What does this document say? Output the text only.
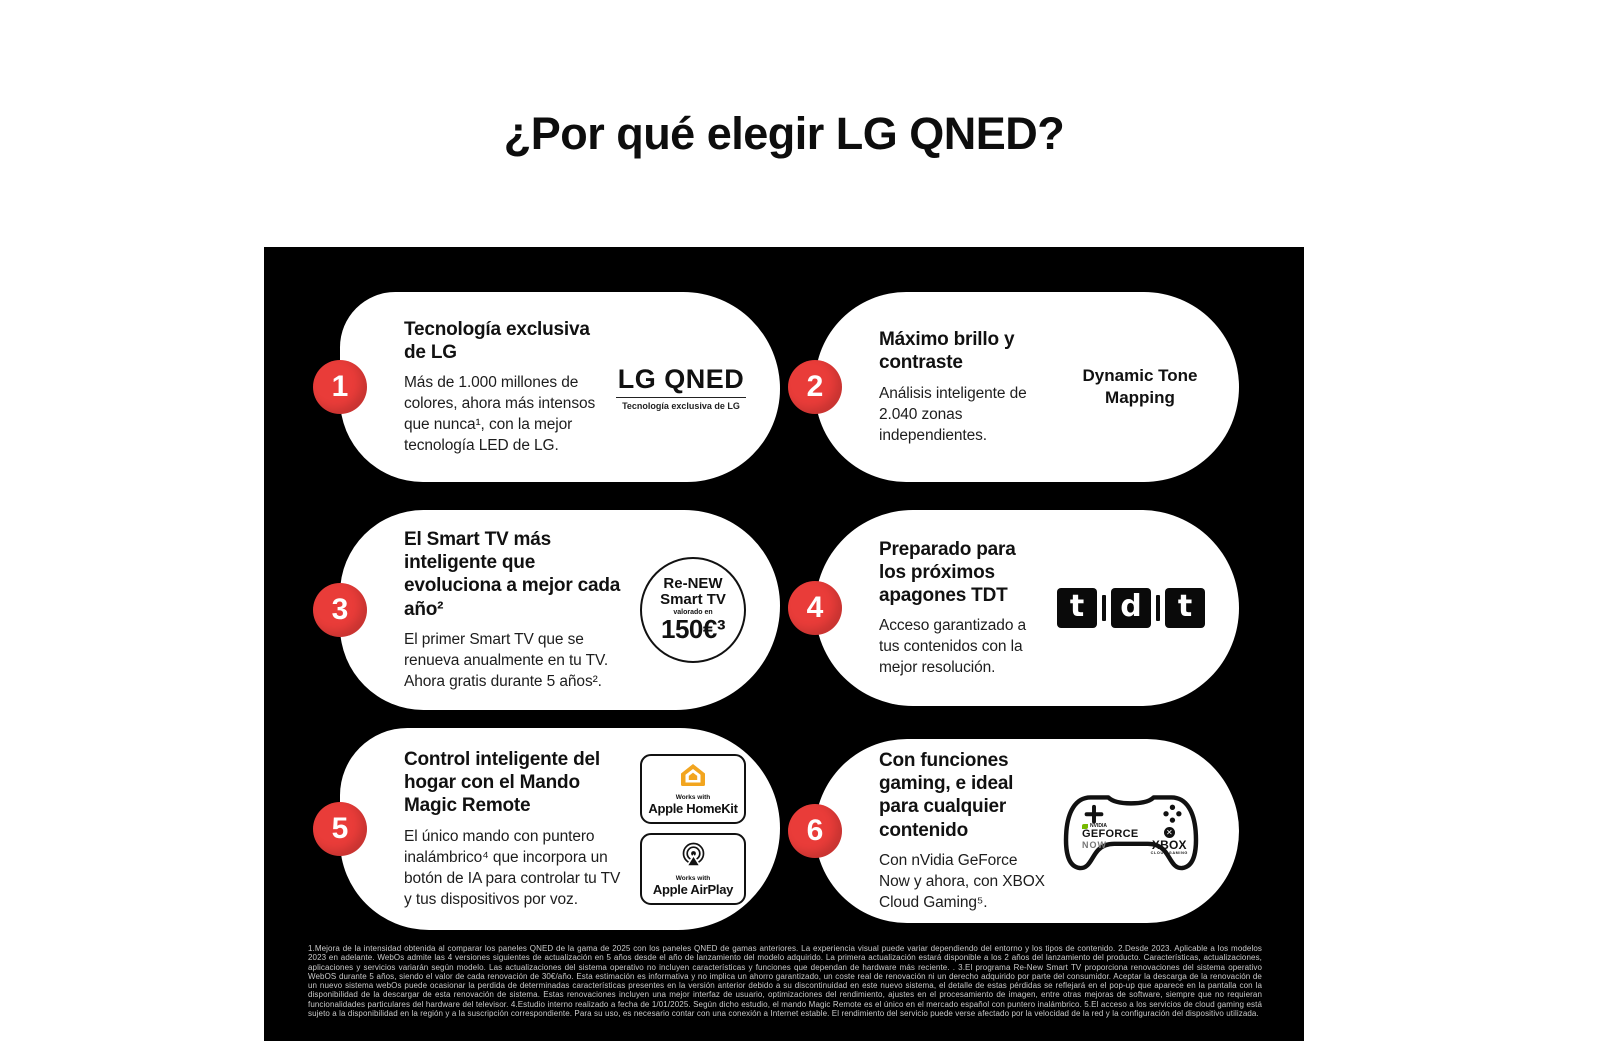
¿Por qué elegir LG QNED?
Tecnología exclusiva de LG

Más de 1.000 millones de colores, ahora más intensos que nunca¹, con la mejor tecnología LED de LG.

LG QNED
Tecnología exclusiva de LG
1
Máximo brillo y contraste

Análisis inteligente de 2.040 zonas independientes.

Dynamic Tone Mapping
2
El Smart TV más inteligente que evoluciona a mejor cada año²

El primer Smart TV que se renueva anualmente en tu TV. Ahora gratis durante 5 años².

Re-NEW
Smart TV
valorado en
150€³
3
Preparado para los próximos apagones TDT

Acceso garantizado a tus contenidos con la mejor resolución.

t	d	t
4
Control inteligente del hogar con el Mando Magic Remote

El único mando con puntero inalámbrico⁴ que incorpora un botón de IA para controlar tu TV y tus dispositivos por voz.

Works with
Apple HomeKit
Works with
Apple AirPlay
5
Con funciones gaming, e ideal para cualquier contenido

Con nVidia GeForce Now y ahora, con XBOX Cloud Gaming⁵.

NVIDIA
GEFORCE
NOW
✕
XBOX
CLOUD GAMING
6

1.Mejora de la intensidad obtenida al comparar los paneles QNED de la gama de 2025 con los paneles QNED de gamas anteriores. La experiencia visual puede variar dependiendo del entorno y los tipos de contenido. 2.Desde 2023. Aplicable a los modelos 2023 en adelante. WebOs admite las 4 versiones siguientes de actualización en 5 años desde el año de lanzamiento del modelo adquirido. La primera actualización estará disponible a los 2 años del lanzamiento del producto. Características, actualizaciones, aplicaciones y servicios variarán según modelo. Las actualizaciones del sistema operativo no incluyen características y funciones que dependan de hardware más reciente. . 3.El programa Re-New Smart TV proporciona renovaciones del sistema operativo WebOS durante 5 años, siendo el valor de cada renovación de 30€/año. Esta estimación es informativa y no implica un ahorro garantizado, un coste real de renovación ni un derecho adquirido por parte del consumidor. Aceptar la descarga de la renovación de un nuevo sistema webOs puede ocasionar la perdida de determinadas características presentes en la versión anterior debido a su discontinuidad en este nuevo sistema, el detalle de estas pérdidas se reflejará en el pop-up que aparece en la pantalla con la disponibilidad de la descargar de esta renovación de sistema. Estas renovaciones incluyen una mejor interfaz de usuario, optimizaciones del rendimiento, ajustes en el procesamiento de imagen, entre otras mejoras de software, siempre que no requieran funcionalidades particulares del hardware del televisor. 4.Estudio interno realizado a fecha de 1/01/2025. Según dicho estudio, el mando Magic Remote es el único en el mercado español con puntero inalámbrico. 5.El acceso a los servicios de cloud gaming está sujeto a la disponibilidad en la región y a la suscripción correspondiente. Para su uso, es necesario contar con una conexión a Internet estable. El rendimiento del servicio puede verse afectado por la velocidad de la red y la configuración del dispositivo utilizada.
